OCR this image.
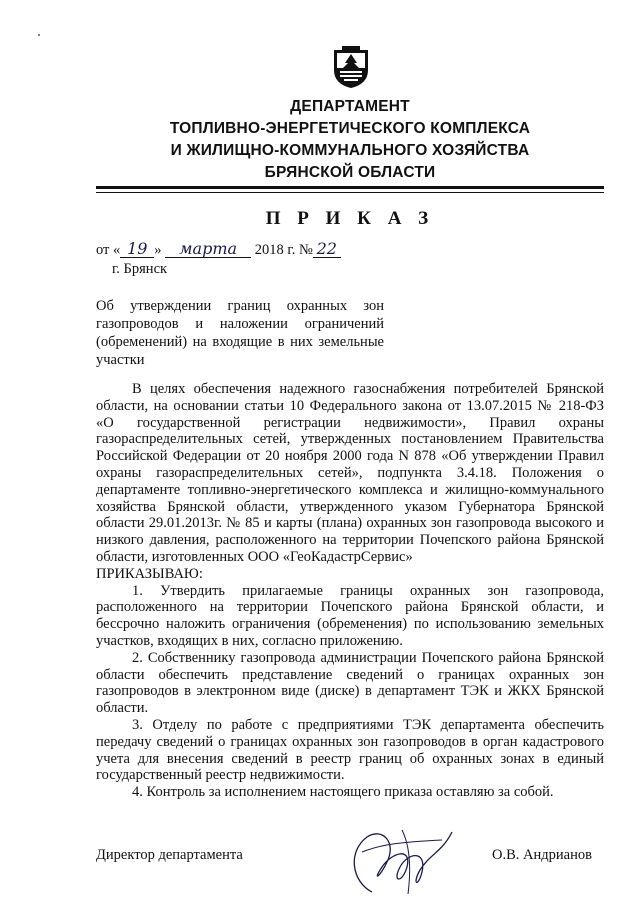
ДЕПАРТАМЕНТ
ТОПЛИВНО-ЭНЕРГЕТИЧЕСКОГО КОМПЛЕКСА
И ЖИЛИЩНО-КОММУНАЛЬНОГО ХОЗЯЙСТВА
БРЯНСКОЙ ОБЛАСТИ
П Р И К А З
от « 19 » марта 2018 г. № 22
г. Брянск
Об утверждении границ охранных зон газопроводов и наложении ограничений (обременений) на входящие в них земельные участки

В целях обеспечения надежного газоснабжения потребителей Брянской области, на основании статьи 10 Федерального закона от 13.07.2015 № 218-ФЗ «О государственной регистрации недвижимости», Правил охраны газораспределительных сетей, утвержденных постановлением Правительства Российской Федерации от 20 ноября 2000 года N 878 «Об утверждении Правил охраны газораспределительных сетей», подпункта 3.4.18. Положения о департаменте топливно-энергетического комплекса и жилищно-коммунального хозяйства Брянской области, утвержденного указом Губернатора Брянской области 29.01.2013г. № 85 и карты (плана) охранных зон газопровода высокого и низкого давления, расположенного на территории Почепского района Брянской области, изготовленных ООО «ГеоКадастрСервис»

ПРИКАЗЫВАЮ:

1. Утвердить прилагаемые границы охранных зон газопровода, расположенного на территории Почепского района Брянской области, и бессрочно наложить ограничения (обременения) по использованию земельных участков, входящих в них, согласно приложению.

2. Собственнику газопровода администрации Почепского района Брянской области обеспечить представление сведений о границах охранных зон газопроводов в электронном виде (диске) в департамент ТЭК и ЖКХ Брянской области.

3. Отделу по работе с предприятиями ТЭК департамента обеспечить передачу сведений о границах охранных зон газопроводов в орган кадастрового учета для внесения сведений в реестр границ об охранных зонах в единый государственный реестр недвижимости.

4. Контроль за исполнением настоящего приказа оставляю за собой.

Директор департамента	О.В. Андрианов
